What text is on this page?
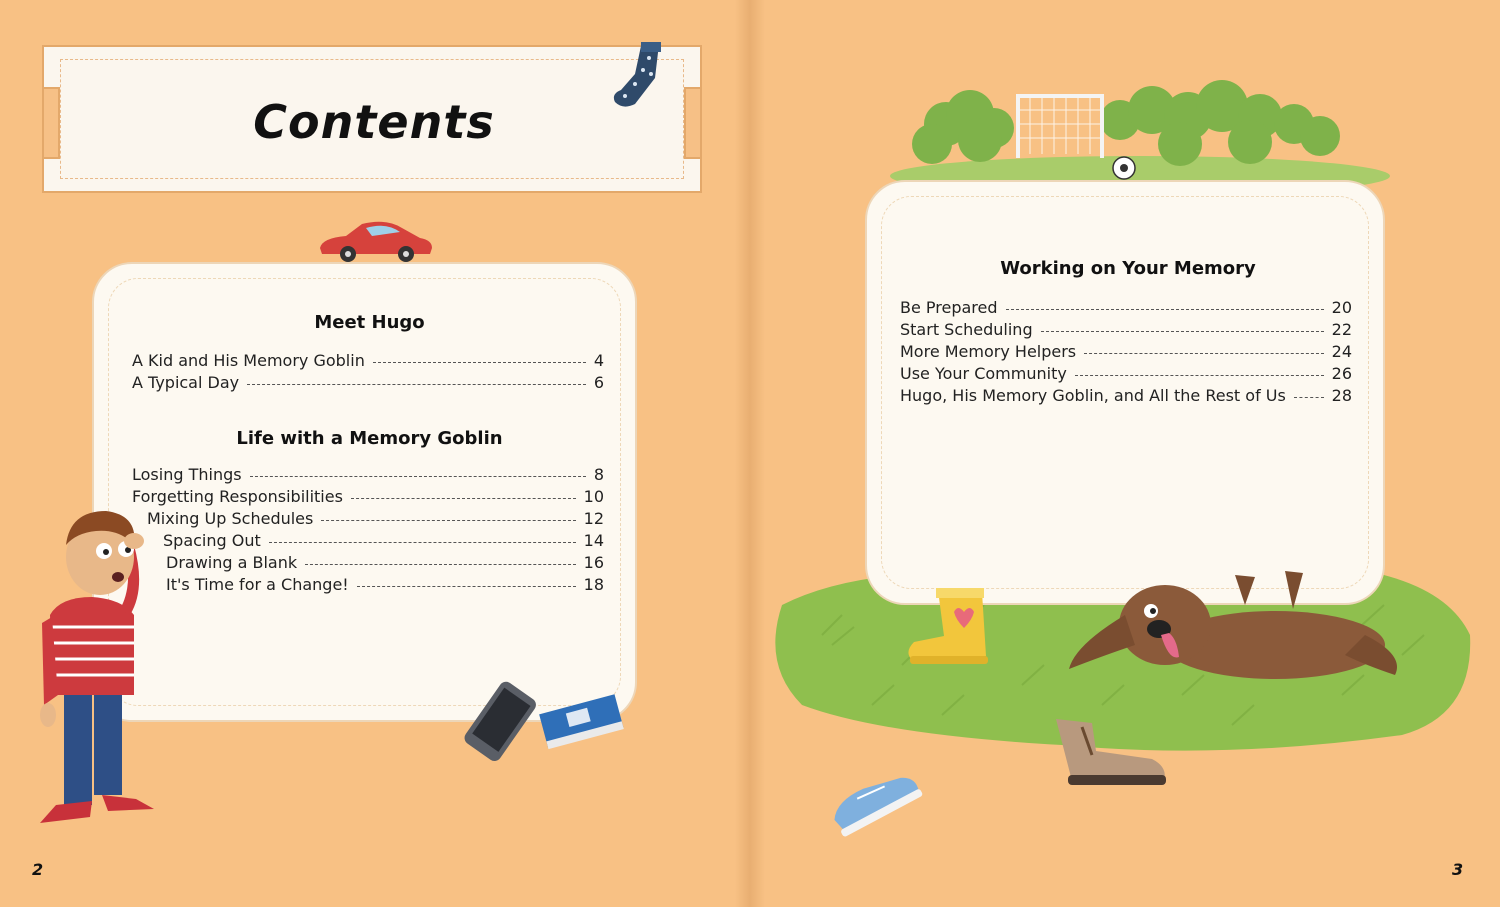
Contents
Meet Hugo
A Kid and His Memory Goblin	4
A Typical Day	6
Life with a Memory Goblin
Losing Things	8
Forgetting Responsibilities	10
Mixing Up Schedules	12
Spacing Out	14
Drawing a Blank	16
It's Time for a Change!	18
Working on Your Memory
Be Prepared	20
Start Scheduling	22
More Memory Helpers	24
Use Your Community	26
Hugo, His Memory Goblin, and All the Rest of Us	28
2	3
